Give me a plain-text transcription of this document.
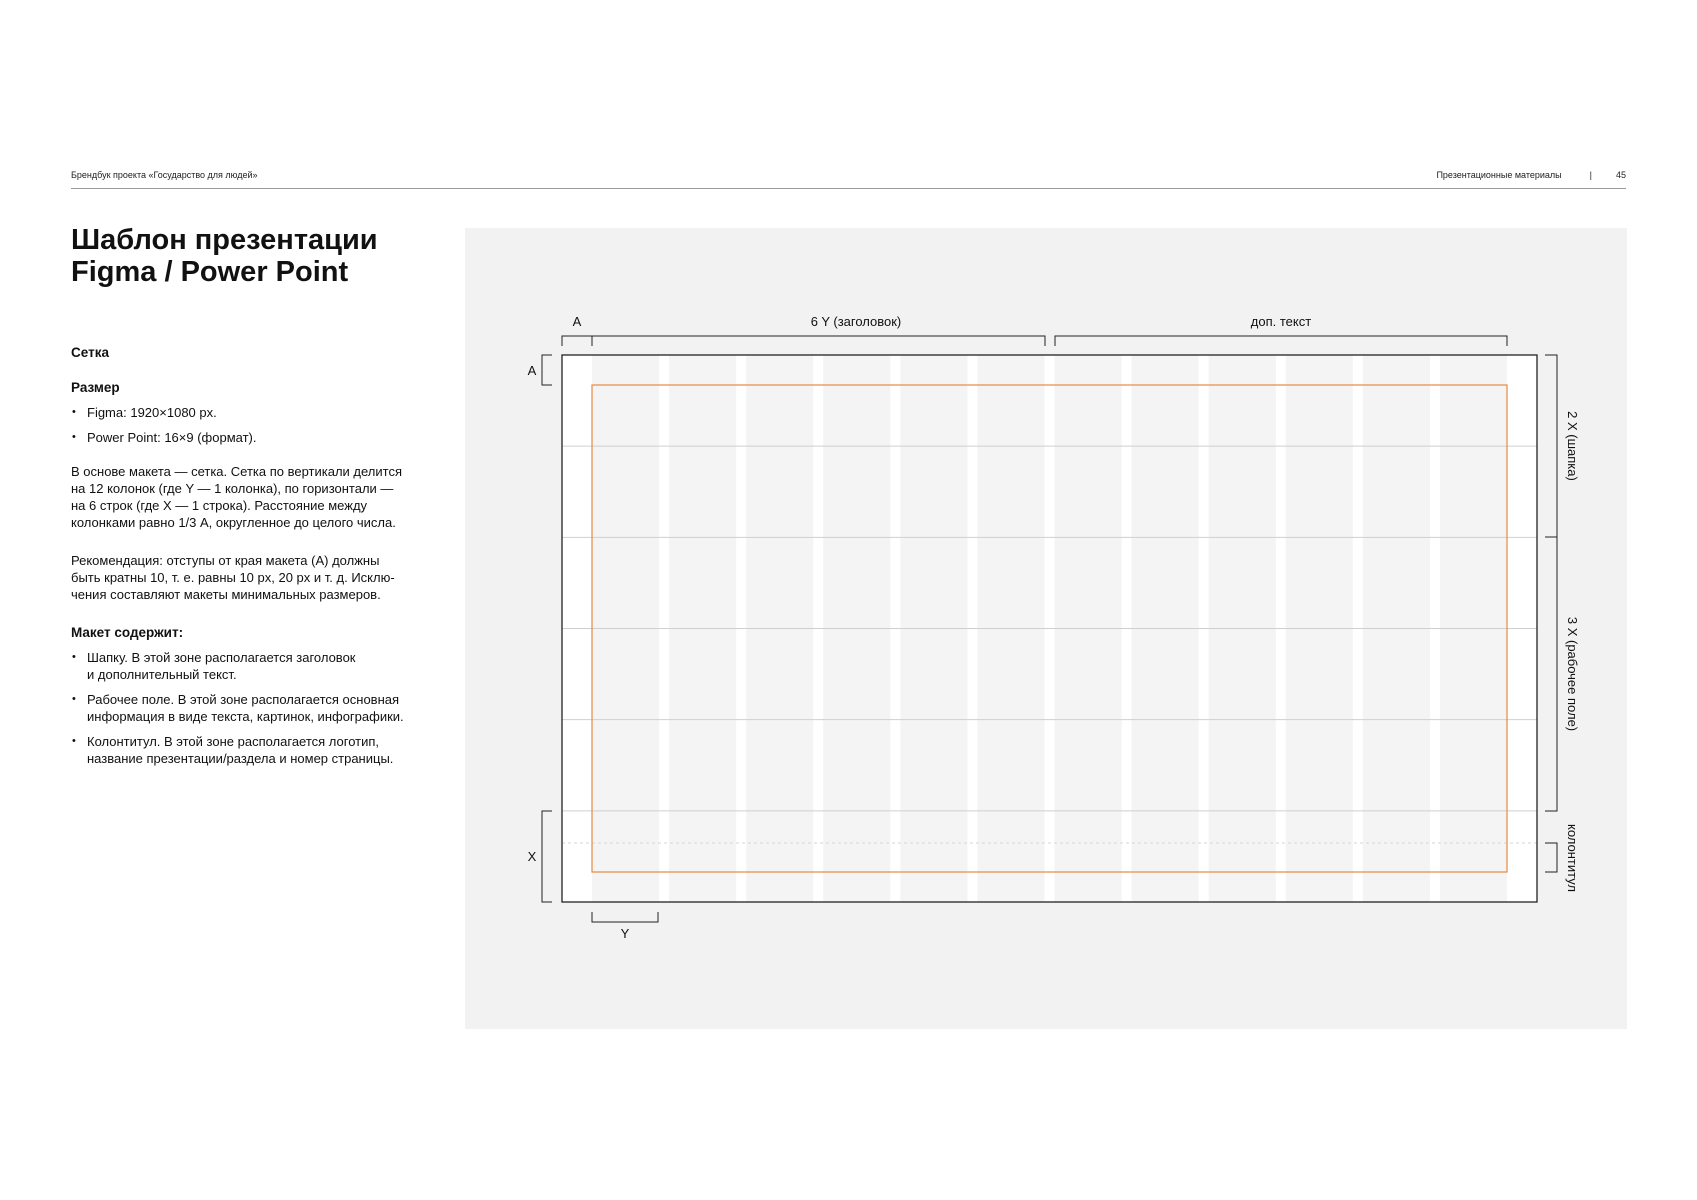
Брендбук проекта «Государство для людей»	Презентационные материалы	|	45
Шаблон презентации
Figma / Power Point

Сетка

Размер

• Figma: 1920×1080 px.
• Power Point: 16×9 (формат).
В основе макета — сетка. Сетка по вертикали делится
на 12 колонок (где Y — 1 колонка), по горизонтали —
на 6 строк (где X — 1 строка). Расстояние между
колонками равно 1/3 A, округленное до целого числа.
Рекомендация: отступы от края макета (A) должны
быть кратны 10, т. е. равны 10 px, 20 px и т. д. Исклю-
чения составляют макеты минимальных размеров.

Макет содержит:

• Шапку. В этой зоне располагается заголовок
и дополнительный текст.
• Рабочее поле. В этой зоне располагается основная
информация в виде текста, картинок, инфографики.
• Колонтитул. В этой зоне располагается логотип,
название презентации/раздела и номер страницы.
A	6 Y (заголовок)	доп. текст
A
X
Y
2 X (шапка)
3 X (рабочее поле)
колонтитул
